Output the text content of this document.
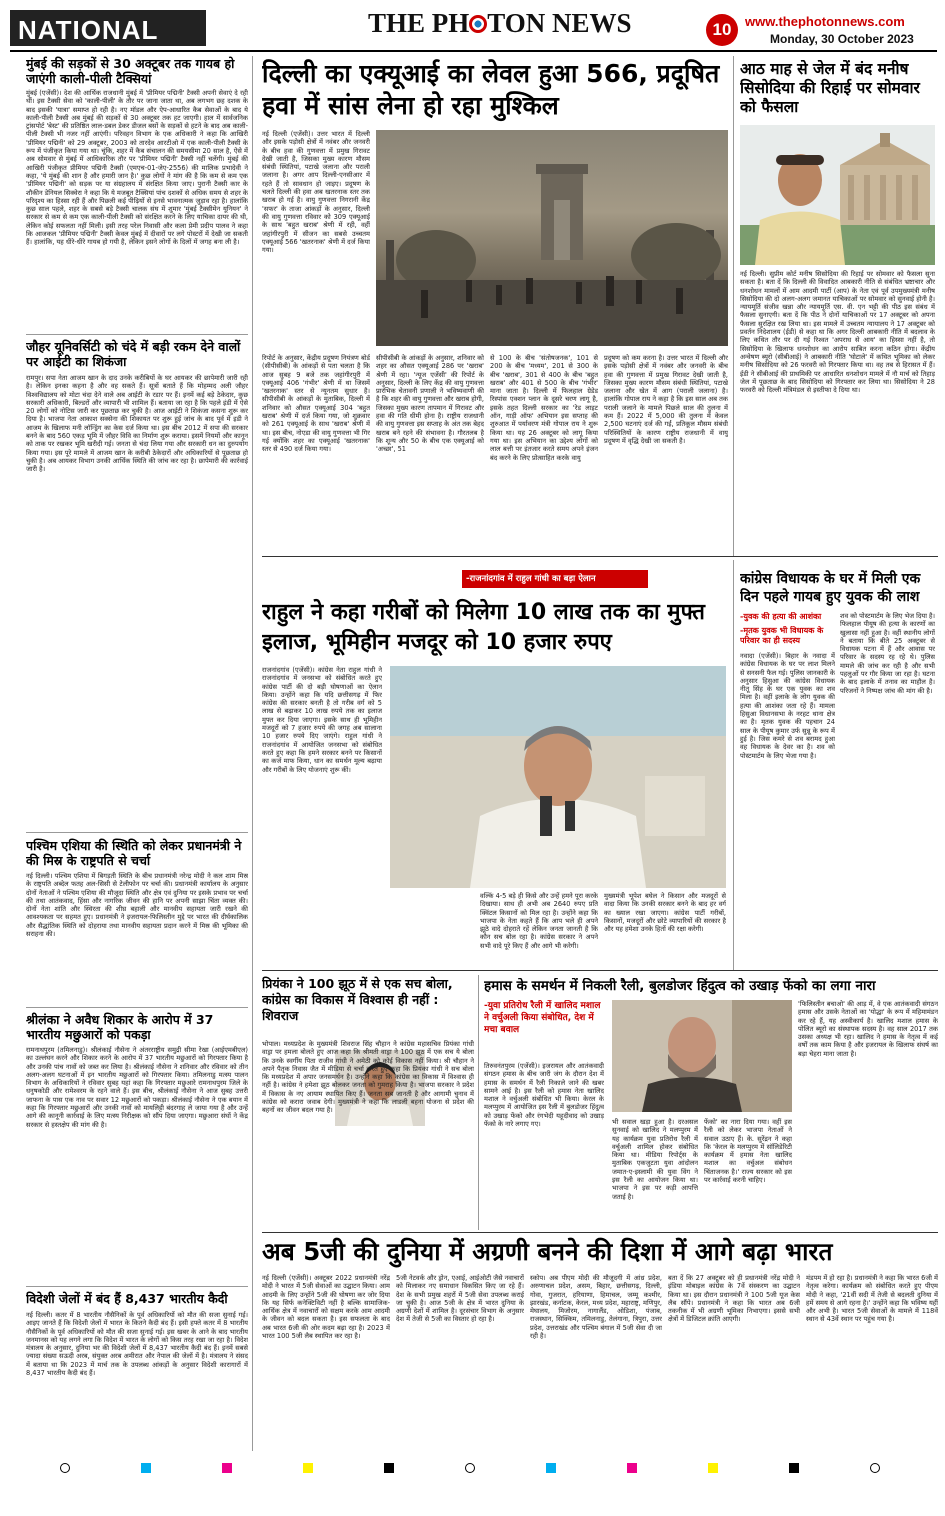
NATIONAL	THE PH TON NEWS	10	www.thephotonnews.com
Monday, 30 October 2023
मुंबई की सड़कों से 30 अक्टूबर तक गायब हो जाएंगी काली-पीली टैक्सियां
मुंबई (एजेंसी)। देश की आर्थिक राजधानी मुंबई में 'प्रीमियर पद्मिनी' टैक्सी अपनी सेवाएं दे रही थीं। इस टैक्सी सेवा को 'काली-पीली' के तौर पर जाना जाता था, अब लगभग छह दशक के बाद इसकी 'यात्रा' समाप्त हो रही है। नए मॉडल और ऐप-आधारित कैब सेवाओं के बाद ये काली-पीली टैक्सी अब मुंबई की सड़कों से 30 अक्टूबर तक हट जाएगी। हाल में सार्वजनिक ट्रांसपोर्ट 'बेस्ट' की प्रतिष्ठित लाल-डबल डेकर डीजल बसों के सड़कों से हटने के बाद अब काली-पीली टैक्सी भी नजर नहीं आएंगी। परिवहन विभाग के एक अधिकारी ने कहा कि आखिरी 'प्रीमियर पद्मिनी' को 29 अक्टूबर, 2003 को तारदेव आरटीओ में एक काली-पीली टैक्सी के रूप में पंजीकृत किया गया था। चूंकि, शहर में कैब संचालन की समयसीमा 20 साल है, ऐसे में अब सोमवार से मुंबई में आधिकारिक तौर पर 'प्रीमियर पद्मिनी' टैक्सी नहीं चलेंगी। मुंबई की आखिरी पंजीकृत प्रीमियर पद्मिनी टैक्सी (एमएच-01-जेए-2556) की मालिक प्रभादेवी ने कहा, 'ये मुंबई की शान है और हमारी जान है।' कुछ लोगों ने मांग की है कि कम से कम एक 'प्रीमियर पद्मिनी' को सड़क पर या संग्रहालय में संरक्षित किया जाए। पुरानी टैक्सी कार के शौकीन डेनियल सिक्वेरा ने कहा कि ये मजबूत टैक्सियां पांच दशकों से अधिक समय से शहर के परिदृश्य का हिस्सा रही हैं और पिछली कई पीढ़ियों से इनसे भावनात्मक जुड़ाव रहा है। हालांकि कुछ साल पहले, शहर के सबसे बड़े टैक्सी चालक संघ में शुमार 'मुंबई टैक्सीमेन यूनियन' ने सरकार से कम से कम एक काली-पीली टैक्सी को संरक्षित करने के लिए याचिका दायर की थी, लेकिन कोई सफलता नहीं मिली। इसी तरह परेल निवासी और कला प्रेमी प्रदीप पालव ने कहा कि आजकल 'प्रीमियर पद्मिनी' टैक्सी केवल मुंबई में दीवारों पर लगे पोस्टरों में देखी जा सकती हैं। हालांकि, यह धीरे-धीरे गायब हो गयी है, लेकिन इसने लोगों के दिलों में जगह बना ली है।
जौहर यूनिवर्सिटी को चंदे में बड़ी रकम देने वालों पर आईटी का शिकंजा
रामपुर। सपा नेता आजम खान के दाद उनके करीबियों के घर आयकर की छापेमारी जारी रही है। लेकिन इनका कहना है और वह सकते हैं। सूत्रों बताते हैं कि मोहम्मद अली जौहर विश्वविद्यालय को मोटा चंदा देने वाले अब आईटी के रडार पर हैं। इनमें कई बड़े ठेकेदार, कुछ सरकारी अधिकारी, बिल्डरों और व्यापारी भी शामिल हैं। बताया जा रहा है कि पहले इंडी में ऐसे 20 लोगों को नोटिस जारी कर पूछताछ कर चुकी है। आज आईटी ने शिकंजा कसना शुरू कर दिया है। भाजपा नेता आकाश सक्सेना की शिकायत पर शुरू हुई जांच के बाद पूर्व में इडी ने आजम के खिलाफ मनी लॉन्ड्रिंग का केस दर्ज किया था। इस बीच 2012 में सपा की सरकार बनने के बाद 560 एकड़ भूमि में जौहर विवि का निर्माण शुरू कराया। इसमें नियमों और कानून को ताक पर रखकर भूमि खरीदी गई। जनता से चंदा लिया गया और सरकारी धन का दुरुपयोग किया गया। इस पूरे मामले में आजम खान के करीबी ठेकेदारों और अधिकारियों से पूछताछ हो चुकी है। अब आयकर विभाग उनकी आर्थिक स्थिति की जांच कर रहा है। छापेमारी की कार्रवाई जारी है।
पश्चिम एशिया की स्थिति को लेकर प्रधानमंत्री ने की मिस्र के राष्ट्रपति से चर्चा
नई दिल्ली। पश्चिम एशिया में बिगड़ती स्थिति के बीच प्रधानमंत्री नरेन्द्र मोदी ने कल शाम मिस्र के राष्ट्रपति अब्देल फतह अल-सिसी से टेलीफोन पर चर्चा की। प्रधानमंत्री कार्यालय के अनुसार दोनों नेताओं ने पश्चिम एशिया की मौजूदा स्थिति और क्षेत्र एवं दुनिया पर इसके प्रभाव पर चर्चा की तथा आतंकवाद, हिंसा और नागरिक जीवन की हानि पर अपनी साझा चिंता व्यक्त की। दोनों नेता शांति और स्थिरता की शीघ्र बहाली और मानवीय सहायता जारी रखने की आवश्यकता पर सहमत हुए। प्रधानमंत्री ने इजरायल-फिलिस्तीन मुद्दे पर भारत की दीर्घकालिक और सैद्धांतिक स्थिति को दोहराया तथा मानवीय सहायता प्रदान करने में मिस्र की भूमिका की सराहना की।
श्रीलंका ने अवैध शिकार के आरोप में 37 भारतीय मछुआरों को पकड़ा
रामनाथपुरम (तमिलनाडु)। श्रीलंकाई नौसेना ने अंतरराष्ट्रीय समुद्री सीमा रेखा (आईएमबीएल) का उल्लंघन करने और शिकार करने के आरोप में 37 भारतीय मछुआरों को गिरफ्तार किया है और उनकी पांच नावों को जब्त कर लिया है। श्रीलंकाई नौसेना ने शनिवार और रविवार को तीन अलग-अलग घटनाओं में इन भारतीय मछुआरों को गिरफ्तार किया। तमिलनाडु मत्स्य पालन विभाग के अधिकारियों ने रविवार सुबह यहां कहा कि गिरफ्तार मछुआरे रामनाथपुरम जिले के धनुषकोडी और रामेश्वरम के रहने वाले हैं। इस बीच, श्रीलंकाई नौसेना ने आज सुबह उत्तरी जाफना के पास एक नाव पर सवार 12 मछुआरों को पकड़ा। श्रीलंकाई नौसेना ने एक बयान में कहा कि गिरफ्तार मछुआरों और उनकी नावों को मायलिट्टी बंदरगाह ले जाया गया है और उन्हें आगे की कानूनी कार्रवाई के लिए मत्स्य निरीक्षक को सौंप दिया जाएगा। मछुआरा संघों ने केंद्र सरकार से हस्तक्षेप की मांग की है।
विदेशी जेलों में बंद हैं 8,437 भारतीय कैदी
नई दिल्ली। कतर में 8 भारतीय नौसैनिकों के पूर्व अधिकारियों को मौत की सजा सुनाई गई। आइए जानते हैं कि विदेशी जेलों में भारत के कितने कैदी बंद हैं। इसी हफ्ते कतर में 8 भारतीय नौसैनिकों के पूर्व अधिकारियों को मौत की सजा सुनाई गई। इस खबर के आने के बाद भारतीय जनमानस को यह लगने लगा कि विदेश में भारत के लोगों को किस तरह रखा जा रहा है। विदेश मंत्रालय के अनुसार, दुनिया भर की विदेशी जेलों में 8,437 भारतीय कैदी बंद हैं। इनमें सबसे ज्यादा संख्या सऊदी अरब, संयुक्त अरब अमीरात और नेपाल की जेलों में है। मंत्रालय ने संसद में बताया था कि 2023 में मार्च तक के उपलब्ध आंकड़ों के अनुसार विदेशी कारागारों में 8,437 भारतीय कैदी बंद हैं।
दिल्ली का एक्यूआई का लेवल हुआ 566, प्रदूषित हवा में सांस लेना हो रहा मुश्किल
नई दिल्ली (एजेंसी)। उत्तर भारत में दिल्ली और इसके पड़ोसी क्षेत्रों में नवंबर और जनवरी के बीच हवा की गुणवत्ता में प्रमुख गिरावट देखी जाती है, जिसका मुख्य कारण मौसम संबंधी स्थितियां, पटाखे जलाना और पराली जलाना है। अगर आप दिल्ली-एनसीआर में रहते हैं तो सावधान हो जाइए। प्रदूषण के चलते दिल्ली की हवा अब खतरनाक स्तर तक खराब हो गई है। वायु गुणवत्ता निगरानी केंद्र 'सफर' के ताजा आंकड़ों के अनुसार, दिल्ली की वायु गुणवत्ता रविवार को 309 एक्यूआई के साथ 'बहुत खराब' श्रेणी में रही, वहीं जहांगीरपुरी में सीजन का सबसे उच्चतम एक्यूआई 566 'खतरनाक' श्रेणी में दर्ज किया गया।
रिपोर्ट के अनुसार, केंद्रीय प्रदूषण नियंत्रण बोर्ड (सीपीसीबी) के आंकड़ों से पता चलता है कि आज सुबह 9 बजे तक जहांगीरपुरी में एक्यूआई 406 'गंभीर' श्रेणी में था जिसमें 'खतरनाक' स्तर से न्यूनतम सुधार है। सीपीसीबी के आंकड़ों के मुताबिक, दिल्ली में शनिवार को औसत एक्यूआई 304 'बहुत खराब' श्रेणी में दर्ज किया गया, जो शुक्रवार को 261 एक्यूआई के साथ 'खराब' श्रेणी में था। इस बीच, नोएडा की वायु गुणवत्ता भी गिर गई क्योंकि शहर का एक्यूआई 'खतरनाक' स्तर से 490 दर्ज किया गया।
सीपीसीबी के आंकड़ों के अनुसार, शनिवार को शहर का औसत एक्यूआई 286 पर 'खराब' श्रेणी में रहा। 'न्यूज एजेंसी' की रिपोर्ट के अनुसार, दिल्ली के लिए केंद्र की वायु गुणवत्ता प्रारंभिक चेतावनी प्रणाली ने भविष्यवाणी की है कि शहर की वायु गुणवत्ता और खराब होगी, जिसका मुख्य कारण तापमान में गिरावट और हवा की गति धीमी होना है। राष्ट्रीय राजधानी की वायु गुणवत्ता इस सप्ताह के अंत तक बेहद खराब बने रहने की संभावना है। गौरतलब है कि शून्य और 50 के बीच एक एक्यूआई को 'अच्छा', 51
से 100 के बीच 'संतोषजनक', 101 से 200 के बीच 'मध्यम', 201 से 300 के बीच 'खराब', 301 से 400 के बीच 'बहुत खराब' और 401 से 500 के बीच 'गंभीर' माना जाता है। दिल्ली में फिलहाल ग्रेडेड रिस्पांस एक्शन प्लान के दूसरे चरण लागू है, इसके तहत दिल्ली सरकार का 'रेड लाइट ऑन, गाड़ी ऑफ' अभियान इस सप्ताह की शुरुआत में पर्यावरण मंत्री गोपाल राय ने शुरू किया था। यह 26 अक्टूबर को लागू किया गया था। इस अभियान का उद्देश्य लोगों को लाल बत्ती पर इंतजार करते समय अपने इंजन बंद करने के लिए प्रोत्साहित करके वायु
प्रदूषण को कम करना है। उत्तर भारत में दिल्ली और इसके पड़ोसी क्षेत्रों में नवंबर और जनवरी के बीच हवा की गुणवत्ता में प्रमुख गिरावट देखी जाती है, जिसका मुख्य कारण मौसम संबंधी स्थितियां, पटाखे जलाना और खेत में आग (पराली जलाना) है। हालांकि गोपाल राय ने कहा है कि इस साल अब तक पराली जलाने के मामले पिछले साल की तुलना में कम हैं। 2022 में 5,000 की तुलना में केवल 2,500 घटनाएं दर्ज की गईं, प्रतिकूल मौसम संबंधी परिस्थितियों के कारण राष्ट्रीय राजधानी में वायु प्रदूषण में वृद्धि देखी जा सकती है।
आठ माह से जेल में बंद मनीष सिसोदिया की रिहाई पर सोमवार को फैसला
नई दिल्ली। सुप्रीम कोर्ट मनीष सिसोदिया की रिहाई पर सोमवार को फैसला सुना सकता है। बता दें कि दिल्ली की विवादित आबकारी नीति से संबंधित भ्रष्टाचार और धनशोधन मामलों में आम आदमी पार्टी (आप) के नेता एवं पूर्व उपमुख्यमंत्री मनीष सिसोदिया की दो अलग-अलग जमानत याचिकाओं पर सोमवार को सुनवाई होनी है। न्यायमूर्ति संजीव खन्ना और न्यायमूर्ति एस. वी. एन भट्टी की पीठ इस संबंध में फैसला सुनाएगी। बता दें कि पीठ ने दोनों याचिकाओं पर 17 अक्टूबर को अपना फैसला सुरक्षित रख लिया था। इस मामले में उच्चतम न्यायालय ने 17 अक्टूबर को प्रवर्तन निदेशालय (ईडी) से कहा था कि अगर दिल्ली आबकारी नीति में बदलाव के लिए कथित तौर पर दी गई रिश्वत 'अपराध से आय' का हिस्सा नहीं है, तो सिसोदिया के खिलाफ धनशोधन का आरोप साबित करना कठिन होगा। केंद्रीय अन्वेषण ब्यूरो (सीबीआई) ने आबकारी नीति 'घोटाले' में कथित भूमिका को लेकर मनीष सिसोदिया को 26 फरवरी को गिरफ्तार किया था। वह तब से हिरासत में हैं। ईडी ने सीबीआई की प्राथमिकी पर आधारित धनशोधन मामले में नौ मार्च को तिहाड़ जेल में पूछताछ के बाद सिसोदिया को गिरफ्तार कर लिया था। सिसोदिया ने 28 फरवरी को दिल्ली मंत्रिमंडल से इस्तीफा दे दिया था।
-राजनांदगांव में राहुल गांधी का बड़ा ऐलान
राहुल ने कहा गरीबों को मिलेगा 10 लाख तक का मुफ्त इलाज, भूमिहीन मजदूर को 10 हजार रुपए
राजनांदगांव (एजेंसी)। कांग्रेस नेता राहुल गांधी ने राजनांदगांव में जनसभा को संबोधित करते हुए कांग्रेस पार्टी की दो बड़ी घोषणाओं का ऐलान किया। उन्होंने कहा कि यदि छत्तीसगढ़ में फिर कांग्रेस की सरकार बनती है तो गरीब वर्ग को 5 लाख से बढ़ाकर 10 लाख रुपये तक का इलाज मुफ्त कर दिया जाएगा। इसके साथ ही भूमिहीन मजदूरों को 7 हजार रुपये की जगह अब सालाना 10 हजार रुपये दिए जाएंगे। राहुल गांधी ने राजनांदगांव में आयोजित जनसभा को संबोधित करते हुए कहा कि हमने सरकार बनने पर किसानों का कर्ज माफ किया, धान का समर्थन मूल्य बढ़ाया और गरीबों के लिए योजनाएं शुरू कीं।
वल्किं 4-5 बड़े ही किसे और उन्हें हमने पूरा करके दिखाया। साथ ही अभी अब 2640 रुपए प्रति क्विंटल किसानों को मिल रहा है। उन्होंने कहा कि भाजपा के नेता कहते हैं कि आप भले ही अपने झूठे वादे दोहराते रहें लेकिन जनता जानती है कि कौन सच बोल रहा है। कांग्रेस सरकार ने अपने सभी वादे पूरे किए हैं और आगे भी करेगी।
मुख्यमंत्री भूपेश बघेल ने किसान और मजदूरों से वादा किया कि उनकी सरकार बनने के बाद हर वर्ग का ख्याल रखा जाएगा। कांग्रेस पार्टी गरीबों, किसानों, मजदूरों और छोटे व्यापारियों की सरकार है और यह हमेशा उनके हितों की रक्षा करेगी।
कांग्रेस विधायक के घर में मिली एक दिन पहले गायब हुए युवक की लाश
-युवक की हत्या की आशंका
-मृतक युवक भी विधायक के परिवार का ही सदस्य
नवादा (एजेंसी)। बिहार के नवादा में कांग्रेस विधायक के घर पर लाश मिलने से सनसनी फैल गई। पुलिस जानकारी के अनुसार हिसुआ की कांग्रेस विधायक नीतू सिंह के घर एक युवक का शव मिला है। वहीं इलाके के लोग युवक की हत्या की आशंका जता रहे हैं। मामला हिसुआ विधानसभा के नरहट थाना क्षेत्र का है। मृतक युवक की पहचान 24 साल के पीयूष कुमार उर्फ सुन्नू के रूप में हुई है। जिस कमरे से शव बरामद हुआ वह विधायक के देवर का है। शव को पोस्टमार्टम के लिए भेजा गया है।
शव को पोस्टमार्टम के लिए भेज दिया है। फिलहाल पीयूष की हत्या के कारणों का खुलासा नहीं हुआ है। वहीं स्थानीय लोगों ने बताया कि बीते 25 अक्टूबर से विधायक पटना में हैं और आवास पर परिवार के सदस्य रह रहे थे। पुलिस मामले की जांच कर रही है और सभी पहलुओं पर गौर किया जा रहा है। घटना के बाद इलाके में तनाव का माहौल है। परिजनों ने निष्पक्ष जांच की मांग की है।
प्रियंका ने 100 झूठ में से एक सच बोला, कांग्रेस का विकास में विश्वास ही नहीं : शिवराज
भोपाल। मध्यप्रदेश के मुख्यमंत्री शिवराज सिंह चौहान ने कांग्रेस महासचिव प्रियंका गांधी वाड्रा पर हमला बोलते हुए आज कहा कि श्रीमती वाड्रा ने 100 झूठ में एक सच ये बोला कि उनके स्वर्गीय पिता राजीव गांधी ने अमेठी को कोई विकास नहीं किया। श्री चौहान ने अपने पैतृक निवास जैत में मीडिया से चर्चा करते हुए कहा कि प्रियंका गांधी ने सच बोला कि मध्यप्रदेश में अपार जनसमर्थन है। उन्होंने कहा कि कांग्रेस का विकास में विश्वास ही नहीं है। कांग्रेस ने हमेशा झूठ बोलकर जनता को गुमराह किया है। भाजपा सरकार ने प्रदेश में विकास के नए आयाम स्थापित किए हैं। जनता सब जानती है और आगामी चुनाव में कांग्रेस को करारा जवाब देगी। मुख्यमंत्री ने कहा कि लाडली बहना योजना से प्रदेश की बहनों का जीवन बदल गया है।
हमास के समर्थन में निकली रैली, बुलडोजर हिंदुत्व को उखाड़ फेंको का लगा नारा
-युवा प्रतिरोध रैली में खालिद मशाल ने वर्चुअली किया संबोधित, देश में मचा बवाल
तिरुवनंतपुरम (एजेंसी)। इजरायल और आतंकवादी संगठन हमास के बीच जारी जंग के दौरान देश में हमास के समर्थन में रैली निकाले जाने की खबर सामने आई है। इस रैली को हमास नेता खालिद मशाल ने वर्चुअली संबोधित भी किया। केरल के मलप्पुरम में आयोजित इस रैली में बुलडोजर हिंदुत्व को उखाड़ फेंको और रंगभेदी यहूदीवाद को उखाड़ फेंको के नारे लगाए गए।	भी सवाल खड़ा हुआ है। दरअसल सुनवाई को खालिद ने मलप्पुरम में यह कार्यक्रम युवा प्रतिरोध रैली में वर्चुअली शामिल होकर संबोधित किया था। मीडिया रिपोर्ट्स के मुताबिक एकजुटता युवा आंदोलन जमात-ए-इस्लामी की युवा विंग ने इस रैली का आयोजन किया था। भाजपा ने इस पर कड़ी आपत्ति जताई है।
फेंको' का नारा दिया गया। वहीं इस रैली को लेकर भाजपा नेताओं ने सवाल उठाए हैं। के. सुरेंद्रन ने कहा कि 'केरल के मलप्पुरम में सॉलिडेरिटी कार्यक्रम में हमास नेता खालिद मशाल का वर्चुअल संबोधन चिंताजनक है।' राज्य सरकार को इस पर कार्रवाई करनी चाहिए।
'फिलिस्तीन बचाओ' की आड़ में, वे एक आतंकवादी संगठन हमास और उसके नेताओं का 'योद्धा' के रूप में महिमामंडन कर रहे हैं, यह अस्वीकार्य है। खालिद मशाल हमास के पोलित ब्यूरो का संस्थापक सदस्य है। वह साल 2017 तक उसका अध्यक्ष भी रहा। खालिद ने हमास के नेतृत्व में कई वर्षों तक काम किया है और इजरायल के खिलाफ संघर्ष का बड़ा चेहरा माना जाता है।
अब 5जी की दुनिया में अग्रणी बनने की दिशा में आगे बढ़ा भारत
नई दिल्ली (एजेंसी)। अक्टूबर 2022 प्रधानमंत्री नरेंद्र मोदी ने भारत में 5जी सेवाओं का उद्घाटन किया। आम आदमी के लिए उन्होंने 5जी की घोषणा कर जोर दिया कि यह सिर्फ कनेक्टिविटी नहीं है बल्कि सामाजिक-आर्थिक क्षेत्र में नवाचारों को सक्षम करके आम आदमी के जीवन को बदल सकता है। इस सफलता के बाद अब भारत 6जी की ओर कदम बढ़ा रहा है। 2023 में भारत 100 5जी लैब स्थापित कर रहा है।
5जी नेटवर्क और ड्रोन, एआई, आईओटी जैसे नवाचारों को मिलाकर नए समाधान विकसित किए जा रहे हैं। देश के सभी प्रमुख शहरों में 5जी सेवा उपलब्ध कराई जा चुकी है। आज 5जी के क्षेत्र में भारत दुनिया के अग्रणी देशों में शामिल है। दूरसंचार विभाग के अनुसार देश में तेजी से 5जी का विस्तार हो रहा है।
स्कोप। अब पीएम मोदी की मौजूदगी में आंध्र प्रदेश, अरुणाचल प्रदेश, असम, बिहार, छत्तीसगढ़, दिल्ली, गोवा, गुजरात, हरियाणा, हिमाचल, जम्मू कश्मीर, झारखंड, कर्नाटक, केरल, मध्य प्रदेश, महाराष्ट्र, मणिपुर, मेघालय, मिजोरम, नागालैंड, ओडिशा, पंजाब, राजस्थान, सिक्किम, तमिलनाडु, तेलंगाना, त्रिपुरा, उत्तर प्रदेश, उत्तराखंड और पश्चिम बंगाल में 5जी सेवा दी जा रही है।
बता दें कि 27 अक्टूबर को ही प्रधानमंत्री नरेंद्र मोदी ने इंडिया मोबाइल कांग्रेस के 7वें संस्करण का उद्घाटन किया था। इस दौरान प्रधानमंत्री ने 100 5जी यूज केस लैब सौंपे। प्रधानमंत्री ने कहा कि भारत अब 6जी तकनीक में भी अग्रणी भूमिका निभाएगा। इससे सभी क्षेत्रों में डिजिटल क्रांति आएगी।
मंडपम में हो रहा है। प्रधानमंत्री ने कहा कि भारत 6जी में नेतृत्व करेगा। कार्यक्रम को संबोधित करते हुए पीएम मोदी ने कहा, '21वीं सदी में तेजी से बदलती दुनिया में हमें समय से आगे रहना है।' उन्होंने कहा कि भविष्य यहीं और अभी है। भारत 5जी सेवाओं के मामले में 118वें स्थान से 43वें स्थान पर पहुंच गया है।
